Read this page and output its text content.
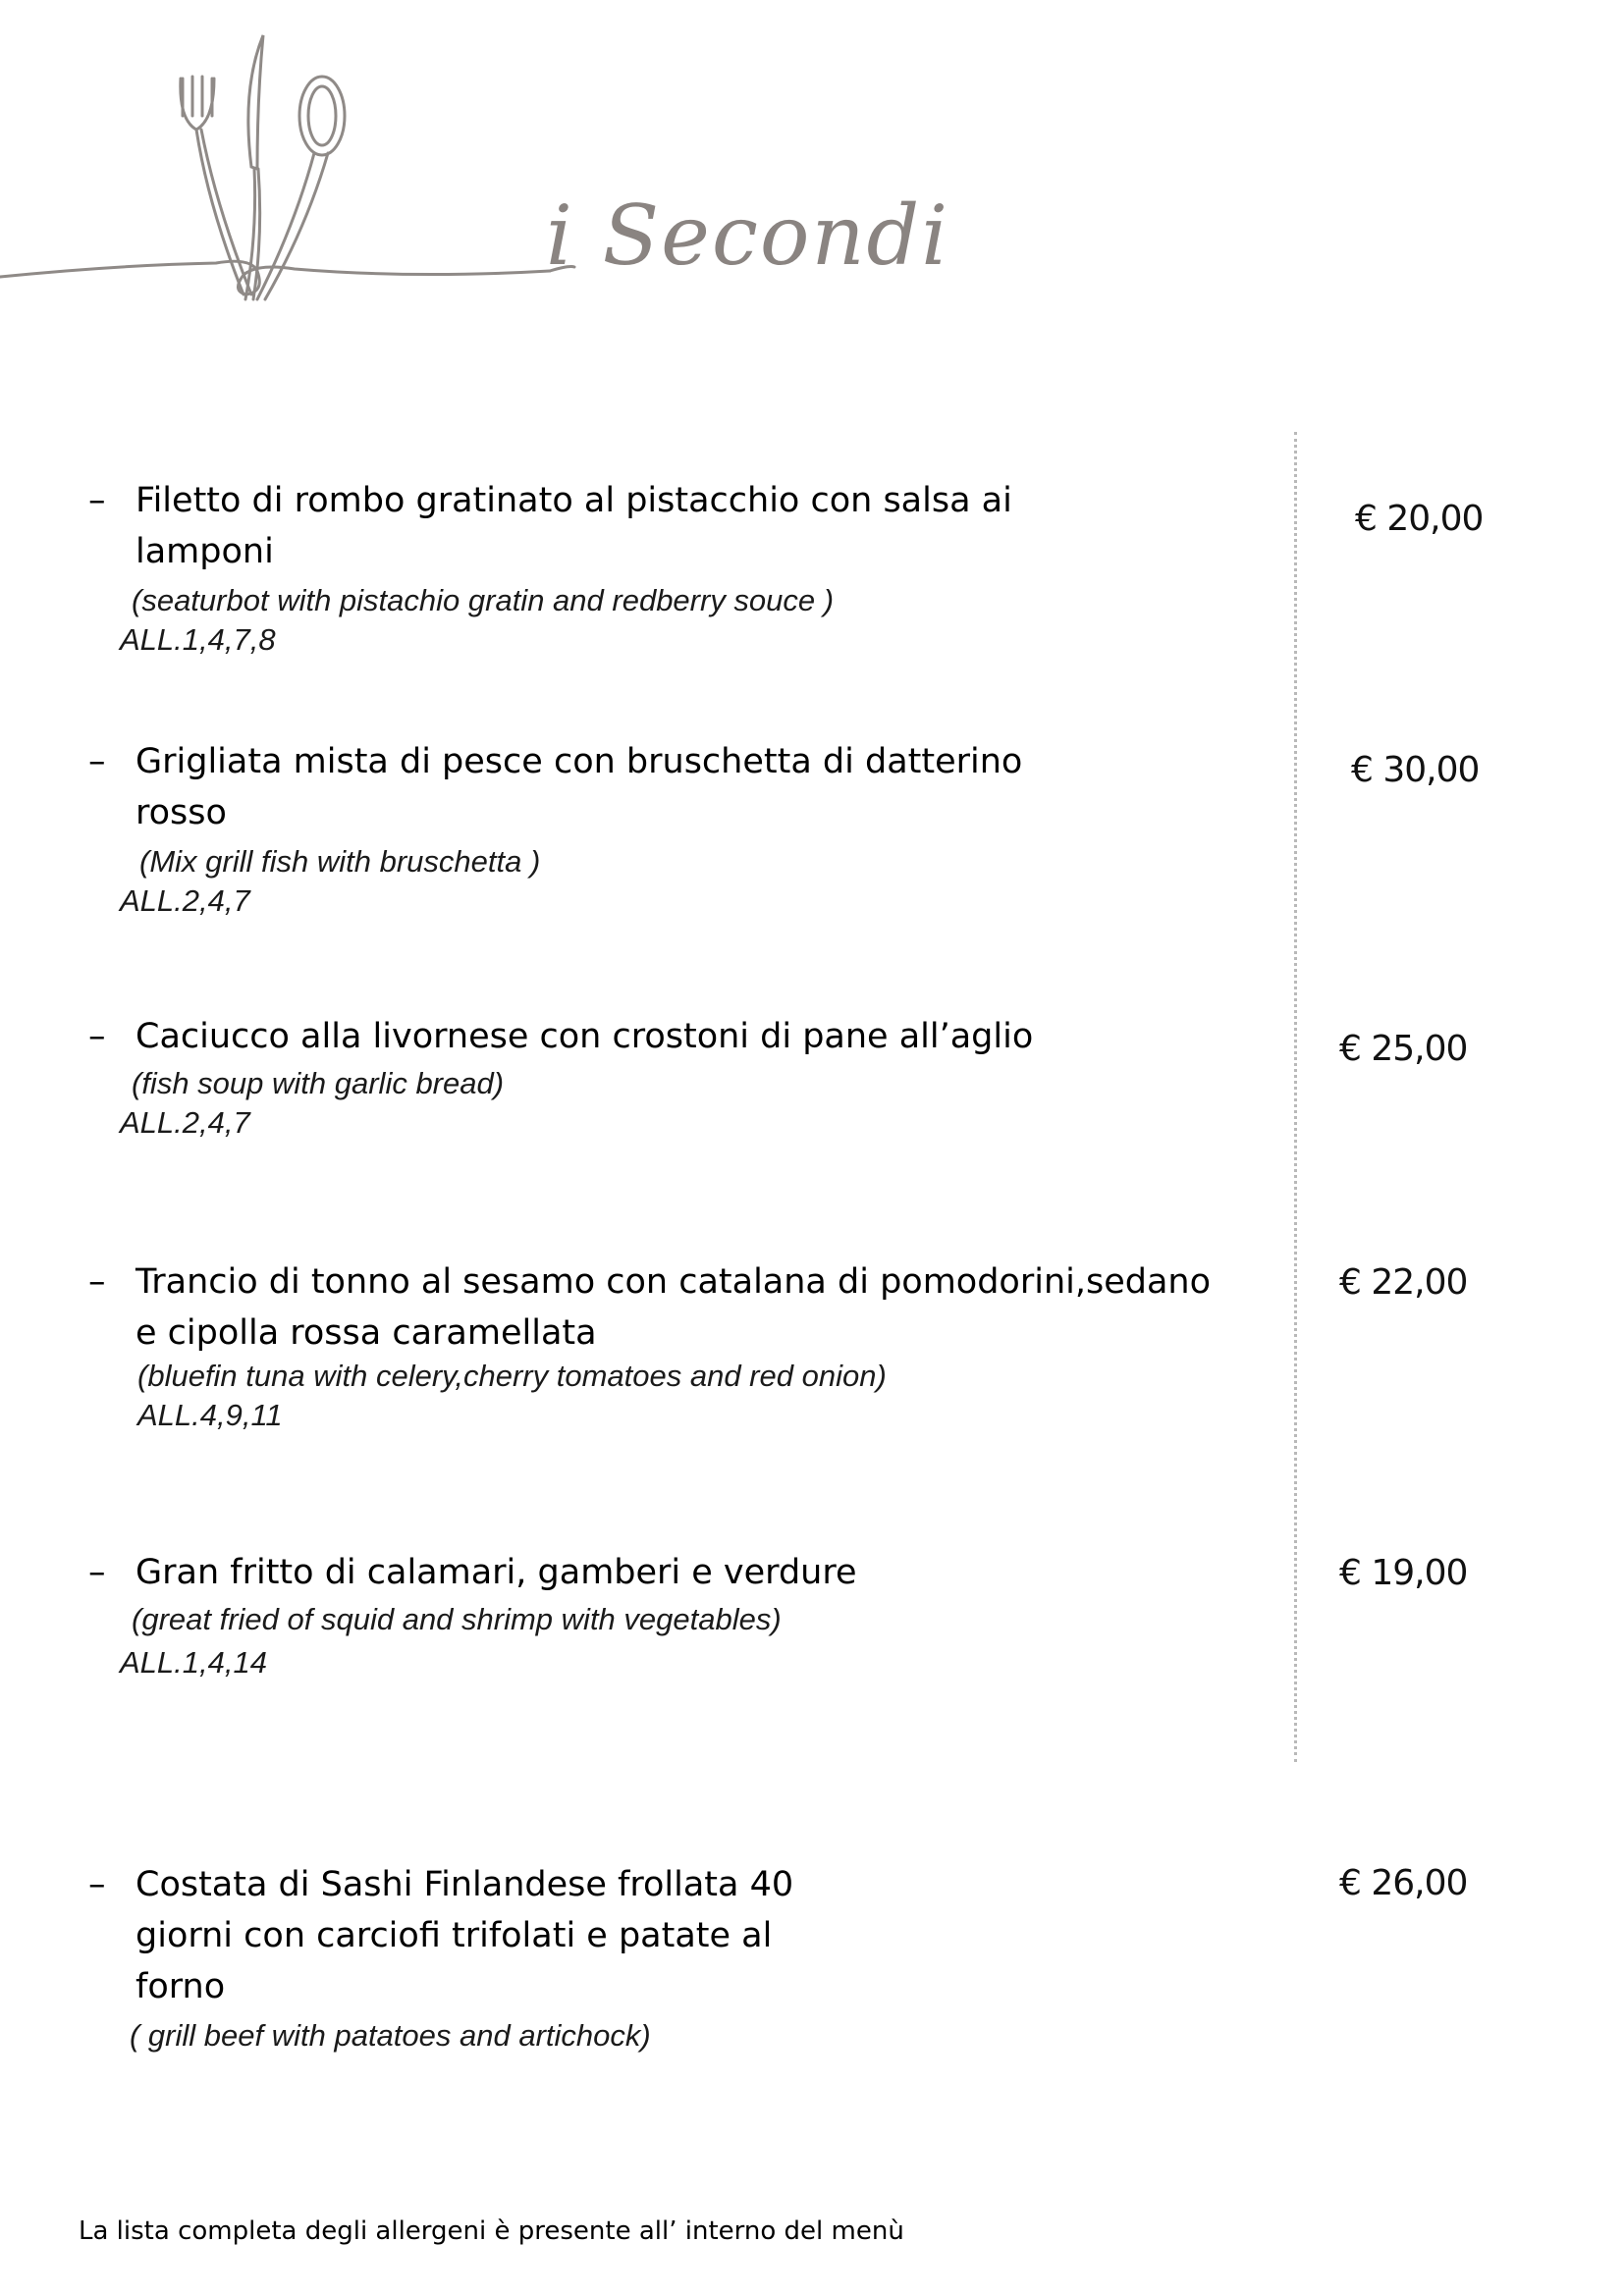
i Secondi
– Filetto di rombo gratinato al pistacchio con salsa ai
lamponi
(seaturbot with pistachio gratin and redberry souce )
ALL.1,4,7,8
€ 20,00
– Grigliata mista di pesce con bruschetta di datterino
rosso
(Mix grill fish with bruschetta )
ALL.2,4,7
€ 30,00
– Caciucco alla livornese con crostoni di pane all’aglio
(fish soup with garlic bread)
ALL.2,4,7
€ 25,00
– Trancio di tonno al sesamo con catalana di pomodorini,sedano
e cipolla rossa caramellata
(bluefin tuna with celery,cherry tomatoes and red onion)
ALL.4,9,11
€ 22,00
– Gran fritto di calamari, gamberi e verdure
(great fried of squid and shrimp with vegetables)
ALL.1,4,14
€ 19,00
– Costata di Sashi Finlandese frollata 40
giorni con carciofi trifolati e patate al
forno
( grill beef with patatoes and artichock)
€ 26,00
La lista completa degli allergeni è presente all’ interno del menù
